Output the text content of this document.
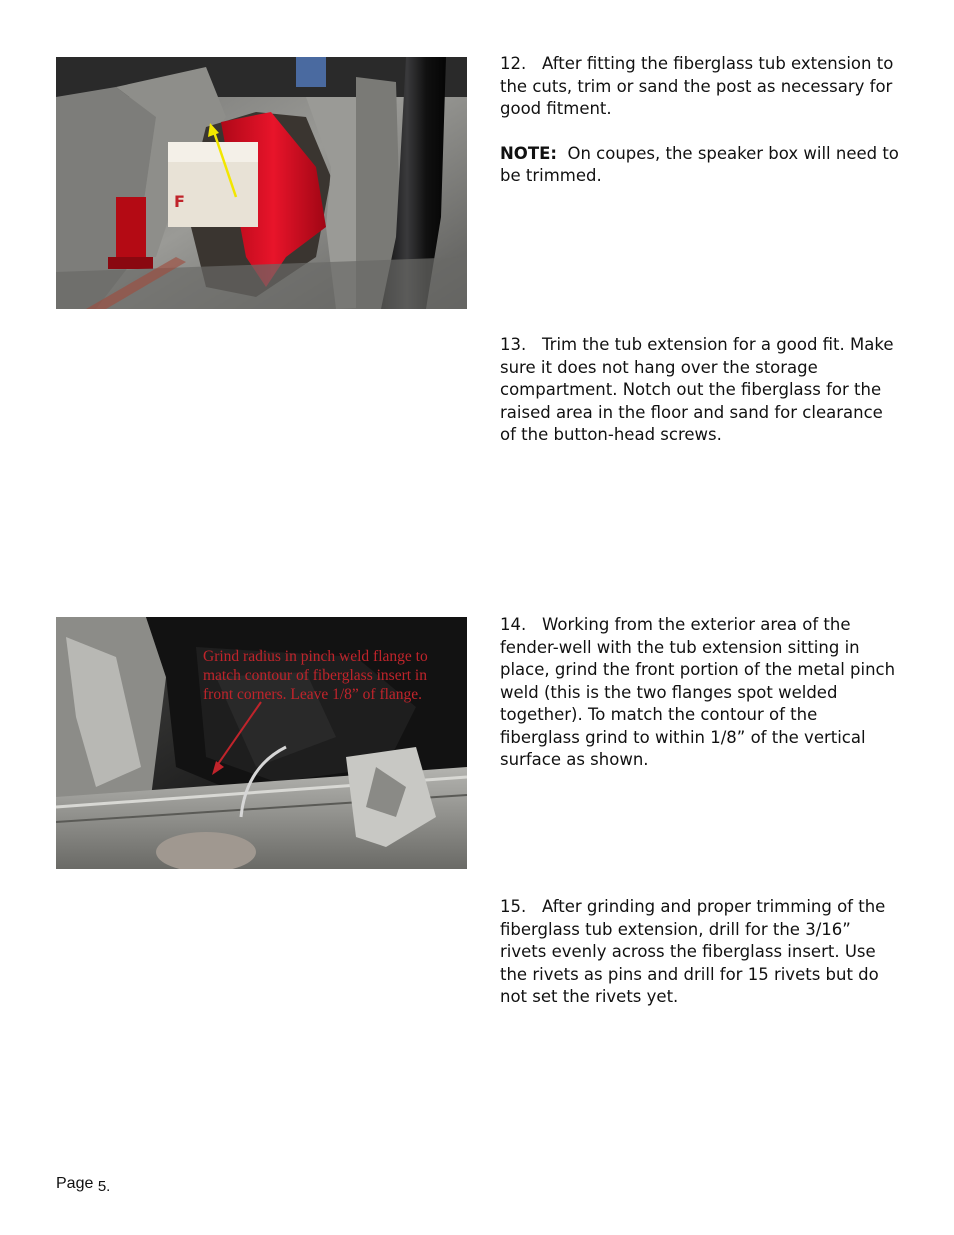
F
Grind radius in pinch weld flange to match contour of fiberglass insert in front corners. Leave 1/8” of flange.

12. After fitting the fiberglass tub extension to the cuts, trim or sand the post as necessary for good fitment.

NOTE: On coupes, the speaker box will need to be trimmed.

13. Trim the tub extension for a good fit. Make sure it does not hang over the storage compartment. Notch out the fiberglass for the raised area in the floor and sand for clearance of the button-head screws.

14. Working from the exterior area of the fender-well with the tub extension sitting in place, grind the front portion of the metal pinch weld (this is the two flanges spot welded together). To match the contour of the fiberglass grind to within 1/8” of the vertical surface as shown.

15. After grinding and proper trimming of the fiberglass tub extension, drill for the 3/16” rivets evenly across the fiberglass insert. Use the rivets as pins and drill for 15 rivets but do not set the rivets yet.

Page 5.
